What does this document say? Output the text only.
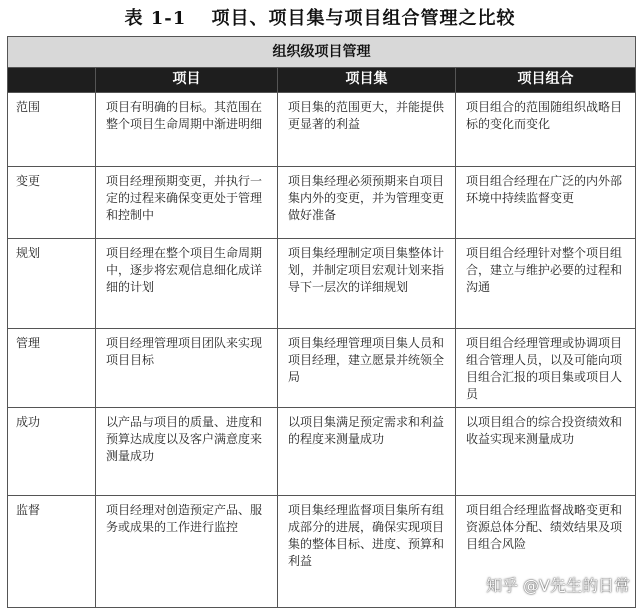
表 1-1 项目、项目集与项目组合管理之比较
组织级项目管理			
	项目	项目集	项目组合
范围	项目有明确的目标。其范围在整个项目生命周期中渐进明细	项目集的范围更大，并能提供更显著的利益	项目组合的范围随组织战略目标的变化而变化
变更	项目经理预期变更，并执行一定的过程来确保变更处于管理和控制中	项目集经理必须预期来自项目集内外的变更，并为管理变更做好准备	项目组合经理在广泛的内外部环境中持续监督变更
规划	项目经理在整个项目生命周期中，逐步将宏观信息细化成详细的计划	项目集经理制定项目集整体计划，并制定项目宏观计划来指导下一层次的详细规划	项目组合经理针对整个项目组合，建立与维护必要的过程和沟通
管理	项目经理管理项目团队来实现项目目标	项目集经理管理项目集人员和项目经理，建立愿景并统领全局	项目组合经理管理或协调项目组合管理人员，以及可能向项目组合汇报的项目集或项目人员
成功	以产品与项目的质量、进度和预算达成度以及客户满意度来测量成功	以项目集满足预定需求和利益的程度来测量成功	以项目组合的综合投资绩效和收益实现来测量成功
监督	项目经理对创造预定产品、服务或成果的工作进行监控	项目集经理监督项目集所有组成部分的进展，确保实现项目集的整体目标、进度、预算和利益	项目组合经理监督战略变更和资源总体分配、绩效结果及项目组合风险
知乎 @V先生的日常
